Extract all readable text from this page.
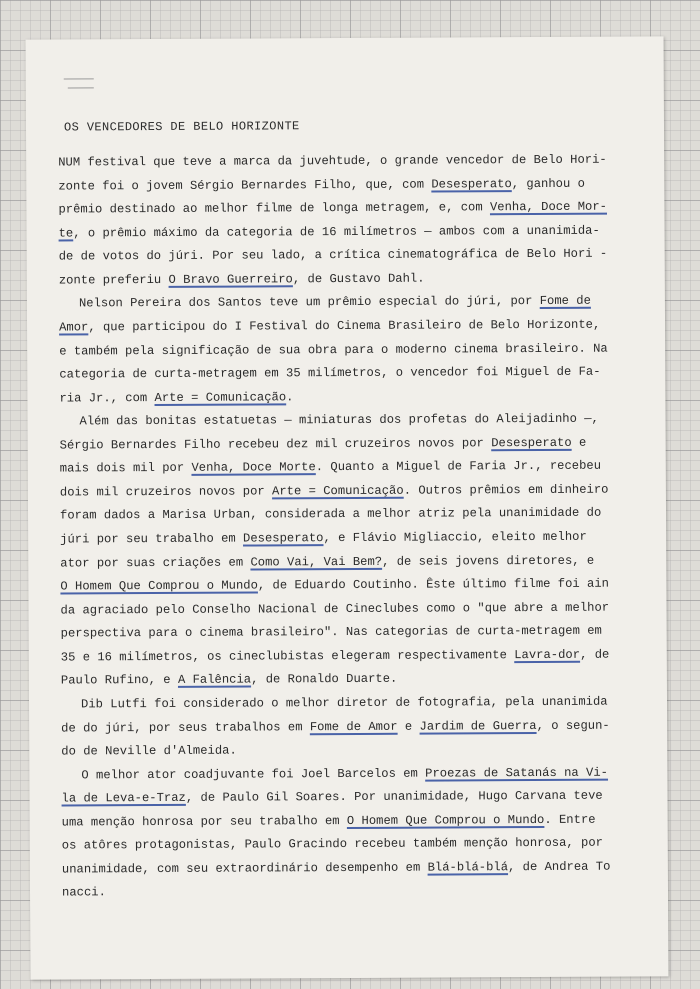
OS VENCEDORES DE BELO HORIZONTE
NUM festival que teve a marca da juvehtude, o grande vencedor de Belo Hori-
zonte foi o jovem Sérgio Bernardes Filho, que, com Desesperato, ganhou o
prêmio destinado ao melhor filme de longa metragem, e, com Venha, Doce Mor-
te, o prêmio máximo da categoria de 16 milímetros — ambos com a unanimida-
de de votos do júri. Por seu lado, a crítica cinematográfica de Belo Hori -
zonte preferiu O Bravo Guerreiro, de Gustavo Dahl.
Nelson Pereira dos Santos teve um prêmio especial do júri, por Fome de
Amor, que participou do I Festival do Cinema Brasileiro de Belo Horizonte,
e também pela significação de sua obra para o moderno cinema brasileiro. Na
categoria de curta-metragem em 35 milímetros, o vencedor foi Miguel de Fa-
ria Jr., com Arte = Comunicação.
Além das bonitas estatuetas — miniaturas dos profetas do Aleijadinho —,
Sérgio Bernardes Filho recebeu dez mil cruzeiros novos por Desesperato e
mais dois mil por Venha, Doce Morte. Quanto a Miguel de Faria Jr., recebeu
dois mil cruzeiros novos por Arte = Comunicação. Outros prêmios em dinheiro
foram dados a Marisa Urban, considerada a melhor atriz pela unanimidade do
júri por seu trabalho em Desesperato, e Flávio Migliaccio, eleito melhor
ator por suas criações em Como Vai, Vai Bem?, de seis jovens diretores, e
O Homem Que Comprou o Mundo, de Eduardo Coutinho. Êste último filme foi ain
da agraciado pelo Conselho Nacional de Cineclubes como o "que abre a melhor
perspectiva para o cinema brasileiro". Nas categorias de curta-metragem em
35 e 16 milímetros, os cineclubistas elegeram respectivamente Lavra-dor, de
Paulo Rufino, e A Falência, de Ronaldo Duarte.
Dib Lutfi foi considerado o melhor diretor de fotografia, pela unanimida
de do júri, por seus trabalhos em Fome de Amor e Jardim de Guerra, o segun-
do de Neville d'Almeida.
O melhor ator coadjuvante foi Joel Barcelos em Proezas de Satanás na Vi-
la de Leva-e-Traz, de Paulo Gil Soares. Por unanimidade, Hugo Carvana teve
uma menção honrosa por seu trabalho em O Homem Que Comprou o Mundo. Entre
os atôres protagonistas, Paulo Gracindo recebeu também menção honrosa, por
unanimidade, com seu extraordinário desempenho em Blá-blá-blá, de Andrea To
nacci.
